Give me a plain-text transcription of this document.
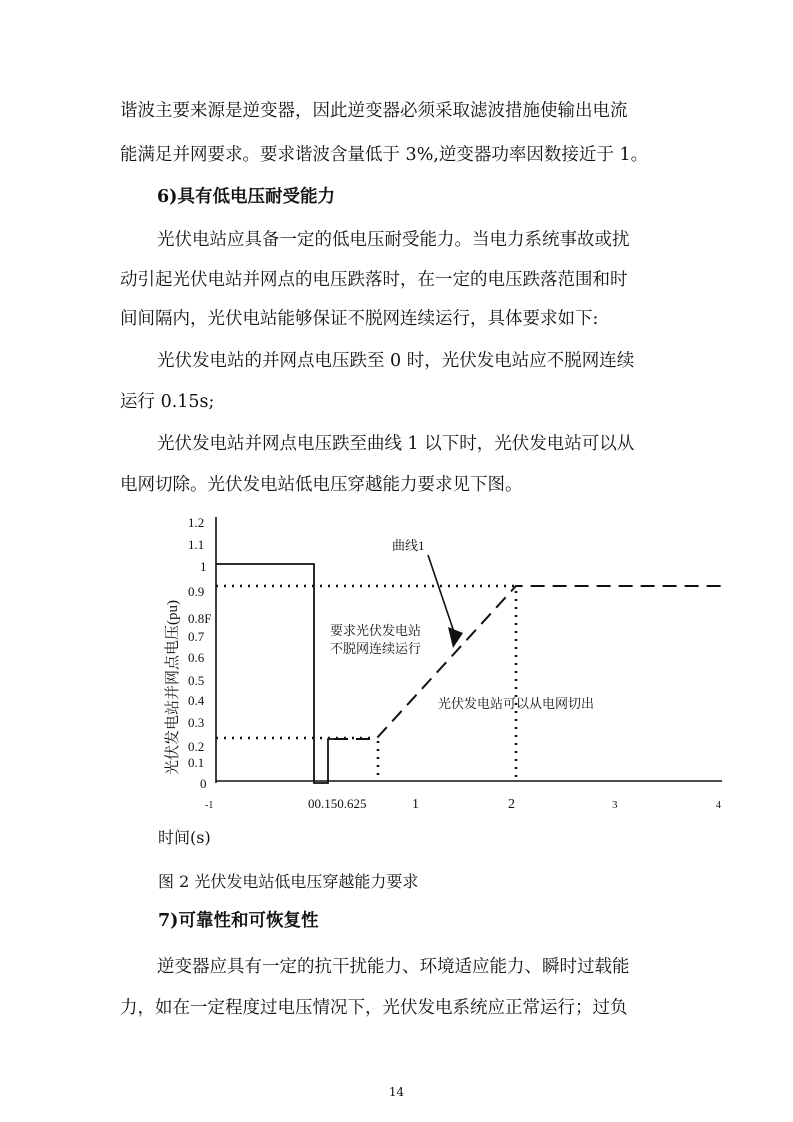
谐波主要来源是逆变器，因此逆变器必须采取滤波措施使输出电流
能满足并网要求。要求谐波含量低于 3%,逆变器功率因数接近于 1。
6)具有低电压耐受能力
光伏电站应具备一定的低电压耐受能力。当电力系统事故或扰
动引起光伏电站并网点的电压跌落时，在一定的电压跌落范围和时
间间隔内，光伏电站能够保证不脱网连续运行，具体要求如下:
光伏发电站的并网点电压跌至 0 时，光伏发电站应不脱网连续
运行 0.15s;
光伏发电站并网点电压跌至曲线 1 以下时，光伏发电站可以从
电网切除。光伏发电站低电压穿越能力要求见下图。
光伏发电站并网点电压(pu)
1.2
1.1
1
0.9
0.8F
0.7
0.6
0.5
0.4
0.3
0.2
0.1
0
-1	00.150.625	1	2	3	4
曲线1
要求光伏发电站
不脱网连续运行
光伏发电站可以从电网切出
时间(s)
图 2 光伏发电站低电压穿越能力要求
7)可靠性和可恢复性
逆变器应具有一定的抗干扰能力、环境适应能力、瞬时过载能
力，如在一定程度过电压情况下，光伏发电系统应正常运行；过负
14
